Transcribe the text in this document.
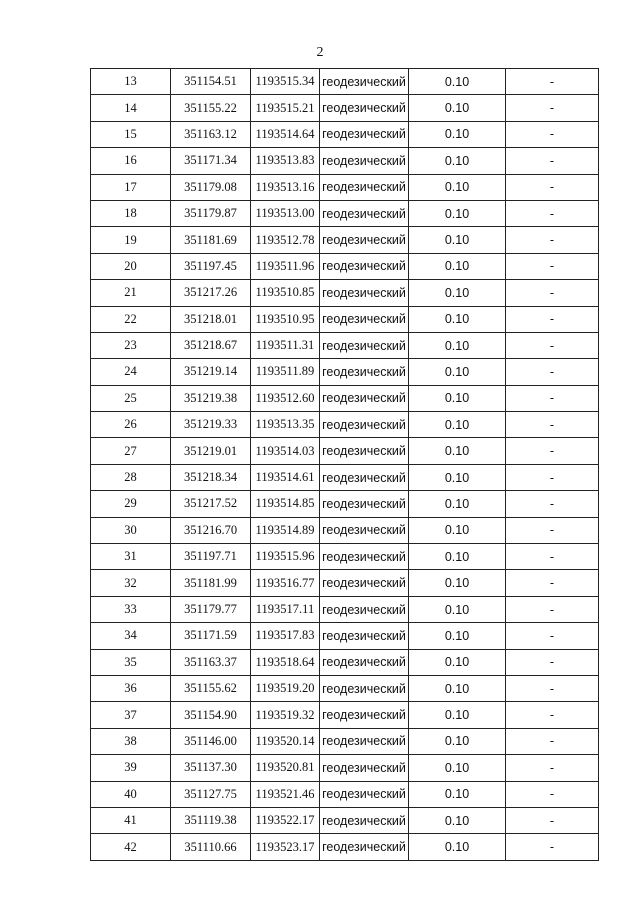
2
13	351154.51	1193515.34	геодезический	0.10	-
14	351155.22	1193515.21	геодезический	0.10	-
15	351163.12	1193514.64	геодезический	0.10	-
16	351171.34	1193513.83	геодезический	0.10	-
17	351179.08	1193513.16	геодезический	0.10	-
18	351179.87	1193513.00	геодезический	0.10	-
19	351181.69	1193512.78	геодезический	0.10	-
20	351197.45	1193511.96	геодезический	0.10	-
21	351217.26	1193510.85	геодезический	0.10	-
22	351218.01	1193510.95	геодезический	0.10	-
23	351218.67	1193511.31	геодезический	0.10	-
24	351219.14	1193511.89	геодезический	0.10	-
25	351219.38	1193512.60	геодезический	0.10	-
26	351219.33	1193513.35	геодезический	0.10	-
27	351219.01	1193514.03	геодезический	0.10	-
28	351218.34	1193514.61	геодезический	0.10	-
29	351217.52	1193514.85	геодезический	0.10	-
30	351216.70	1193514.89	геодезический	0.10	-
31	351197.71	1193515.96	геодезический	0.10	-
32	351181.99	1193516.77	геодезический	0.10	-
33	351179.77	1193517.11	геодезический	0.10	-
34	351171.59	1193517.83	геодезический	0.10	-
35	351163.37	1193518.64	геодезический	0.10	-
36	351155.62	1193519.20	геодезический	0.10	-
37	351154.90	1193519.32	геодезический	0.10	-
38	351146.00	1193520.14	геодезический	0.10	-
39	351137.30	1193520.81	геодезический	0.10	-
40	351127.75	1193521.46	геодезический	0.10	-
41	351119.38	1193522.17	геодезический	0.10	-
42	351110.66	1193523.17	геодезический	0.10	-
